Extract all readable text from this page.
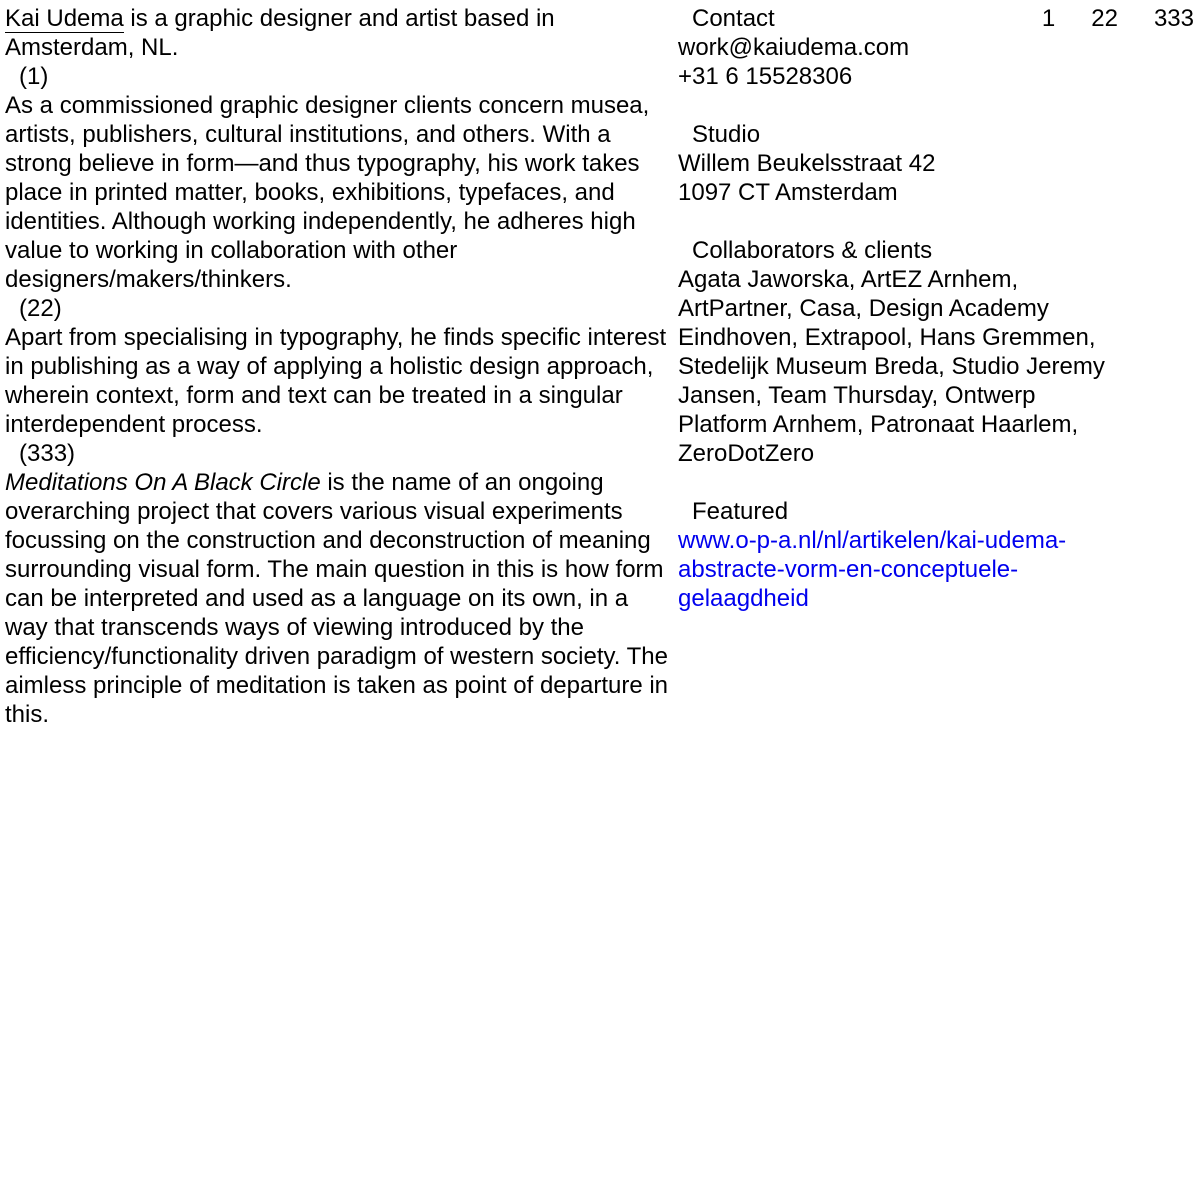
Kai Udema is a graphic designer and artist based in Amsterdam, NL.

(1)

As a commissioned graphic designer clients concern musea, artists, publishers, cultural institutions, and others. With a strong believe in form—and thus typography, his work takes place in printed matter, books, exhibitions, typefaces, and identities. Although working independently, he adheres high value to working in collaboration with other designers/makers/thinkers.

(22)

Apart from specialising in typography, he finds specific interest in publishing as a way of applying a holistic design approach, wherein context, form and text can be treated in a singular interdependent process.

(333)

Meditations On A Black Circle is the name of an ongoing overarching project that covers various visual experiments focussing on the construction and deconstruction of meaning surrounding visual form. The main question in this is how form can be interpreted and used as a language on its own, in a way that transcends ways of viewing introduced by the efficiency/functionality driven paradigm of western society. The aimless principle of meditation is taken as point of departure in this.

Contact
work@kaiudema.com
+31 6 15528306
Studio
Willem Beukelsstraat 42
1097 CT Amsterdam
Collaborators & clients

Agata Jaworska, ArtEZ Arnhem, ArtPartner, Casa, Design Academy Eindhoven, Extrapool, Hans Gremmen, Stedelijk Museum Breda, Studio Jeremy Jansen, Team Thursday, Ontwerp Platform Arnhem, Patronaat Haarlem, ZeroDotZero

Featured
www.o-p-a.nl/nl/artikelen/kai-udema-
abstracte-vorm-en-conceptuele-
gelaagdheid
1 22 333
